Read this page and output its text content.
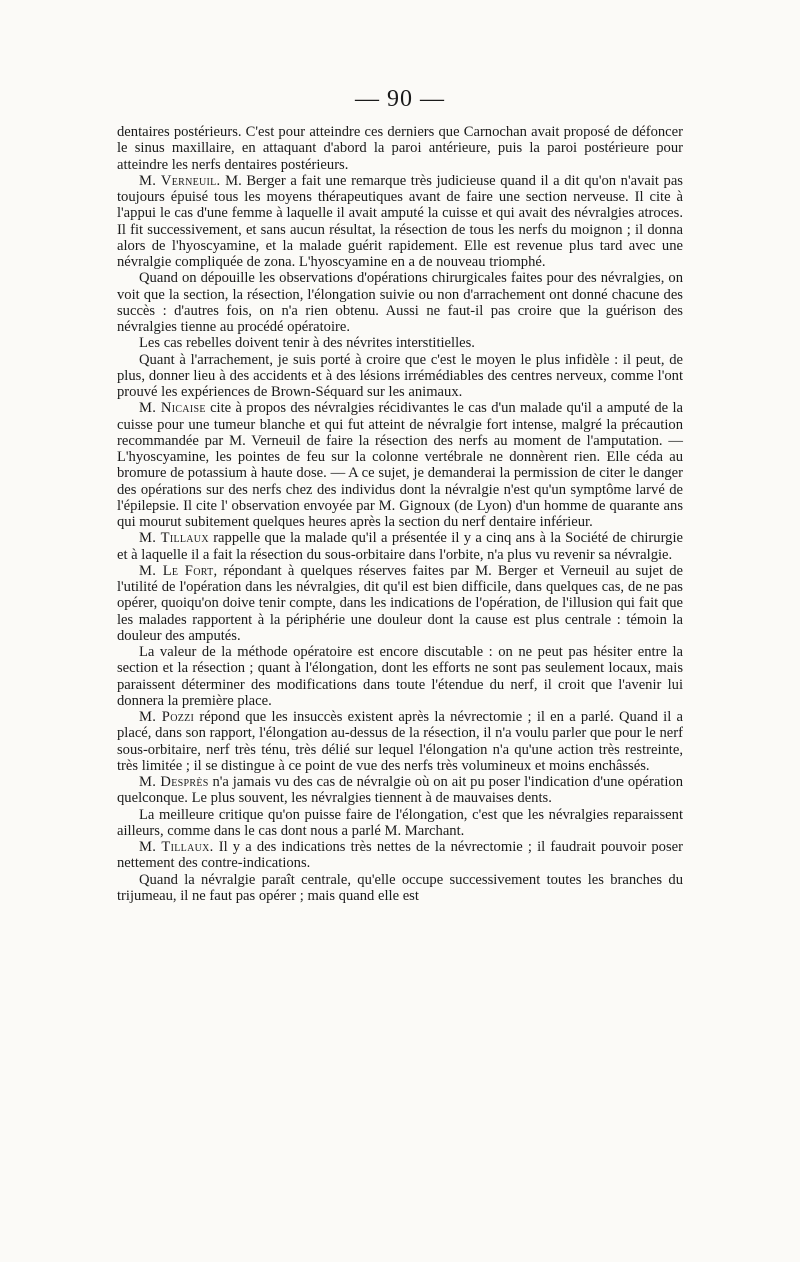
— 90 —

dentaires postérieurs. C'est pour atteindre ces derniers que Carnochan avait proposé de défoncer le sinus maxillaire, en attaquant d'abord la paroi antérieure, puis la paroi postérieure pour atteindre les nerfs dentaires postérieurs.

M. Verneuil. M. Berger a fait une remarque très judicieuse quand il a dit qu'on n'avait pas toujours épuisé tous les moyens thérapeutiques avant de faire une section nerveuse. Il cite à l'appui le cas d'une femme à laquelle il avait amputé la cuisse et qui avait des névralgies atroces. Il fit successivement, et sans aucun résultat, la résection de tous les nerfs du moignon ; il donna alors de l'hyoscyamine, et la malade guérit rapidement. Elle est revenue plus tard avec une névralgie compliquée de zona. L'hyoscyamine en a de nouveau triomphé.

Quand on dépouille les observations d'opérations chirurgicales faites pour des névralgies, on voit que la section, la résection, l'élongation suivie ou non d'arrachement ont donné chacune des succès : d'autres fois, on n'a rien obtenu. Aussi ne faut-il pas croire que la guérison des névralgies tienne au procédé opératoire.

Les cas rebelles doivent tenir à des névrites interstitielles.

Quant à l'arrachement, je suis porté à croire que c'est le moyen le plus infidèle : il peut, de plus, donner lieu à des accidents et à des lésions irrémédiables des centres nerveux, comme l'ont prouvé les expériences de Brown-Séquard sur les animaux.

M. Nicaise cite à propos des névralgies récidivantes le cas d'un malade qu'il a amputé de la cuisse pour une tumeur blanche et qui fut atteint de névralgie fort intense, malgré la précaution recommandée par M. Verneuil de faire la résection des nerfs au moment de l'amputation. — L'hyoscyamine, les pointes de feu sur la colonne vertébrale ne donnèrent rien. Elle céda au bromure de potassium à haute dose. — A ce sujet, je demanderai la permission de citer le danger des opérations sur des nerfs chez des individus dont la névralgie n'est qu'un symptôme larvé de l'épilepsie. Il cite l' observation envoyée par M. Gignoux (de Lyon) d'un homme de quarante ans qui mourut subitement quelques heures après la section du nerf dentaire inférieur.

M. Tillaux rappelle que la malade qu'il a présentée il y a cinq ans à la Société de chirurgie et à laquelle il a fait la résection du sous-orbitaire dans l'orbite, n'a plus vu revenir sa névralgie.

M. Le Fort, répondant à quelques réserves faites par M. Berger et Verneuil au sujet de l'utilité de l'opération dans les névralgies, dit qu'il est bien difficile, dans quelques cas, de ne pas opérer, quoiqu'on doive tenir compte, dans les indications de l'opération, de l'illusion qui fait que les malades rapportent à la périphérie une douleur dont la cause est plus centrale : témoin la douleur des amputés.

La valeur de la méthode opératoire est encore discutable : on ne peut pas hésiter entre la section et la résection ; quant à l'élongation, dont les efforts ne sont pas seulement locaux, mais paraissent déterminer des modifications dans toute l'étendue du nerf, il croit que l'avenir lui donnera la première place.

M. Pozzi répond que les insuccès existent après la névrectomie ; il en a parlé. Quand il a placé, dans son rapport, l'élongation au-dessus de la résection, il n'a voulu parler que pour le nerf sous-orbitaire, nerf très ténu, très délié sur lequel l'élongation n'a qu'une action très restreinte, très limitée ; il se distingue à ce point de vue des nerfs très volumineux et moins enchâssés.

M. Desprès n'a jamais vu des cas de névralgie où on ait pu poser l'indication d'une opération quelconque. Le plus souvent, les névralgies tiennent à de mauvaises dents.

La meilleure critique qu'on puisse faire de l'élongation, c'est que les névralgies reparaissent ailleurs, comme dans le cas dont nous a parlé M. Marchant.

M. Tillaux. Il y a des indications très nettes de la névrectomie ; il faudrait pouvoir poser nettement des contre-indications.

Quand la névralgie paraît centrale, qu'elle occupe successivement toutes les branches du trijumeau, il ne faut pas opérer ; mais quand elle est
